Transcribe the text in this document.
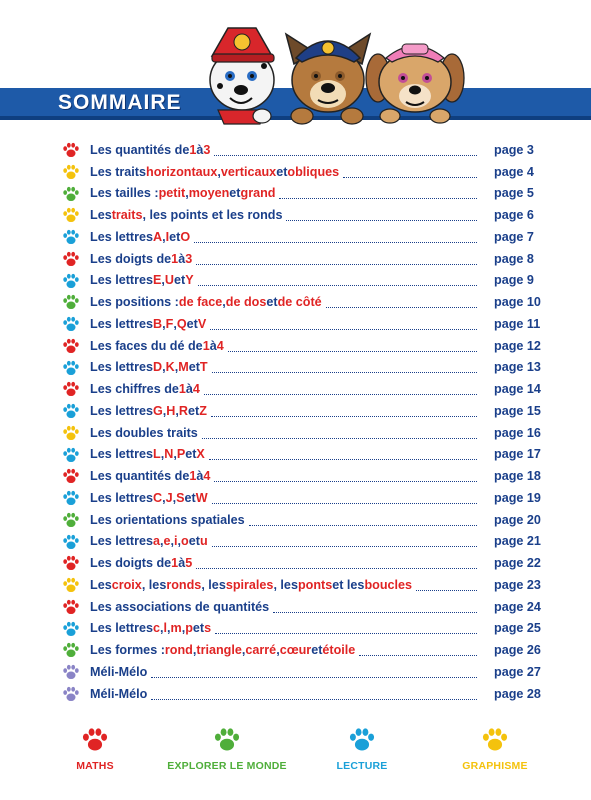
SOMMAIRE
Les quantités de 1 à 3	page 3
Les traits horizontaux , verticaux et obliques	page 4
Les tailles : petit , moyen et grand	page 5
Les traits , les points et les ronds	page 6
Les lettres A , I et O	page 7
Les doigts de 1 à 3	page 8
Les lettres E , U et Y	page 9
Les positions : de face , de dos et de côté	page 10
Les lettres B , F , Q et V	page 11
Les faces du dé de 1 à 4	page 12
Les lettres D , K , M et T	page 13
Les chiffres de 1 à 4	page 14
Les lettres G , H , R et Z	page 15
Les doubles traits	page 16
Les lettres L , N , P et X	page 17
Les quantités de 1 à 4	page 18
Les lettres C , J , S et W	page 19
Les orientations spatiales	page 20
Les lettres a , e , i , o et u	page 21
Les doigts de 1 à 5	page 22
Les croix , les ronds , les spirales , les ponts et les boucles	page 23
Les associations de quantités	page 24
Les lettres c , l , m , p et s	page 25
Les formes : rond , triangle , carré , cœur et étoile	page 26
Méli-Mélo	page 27
Méli-Mélo	page 28
MATHS	EXPLORER LE MONDE	LECTURE	GRAPHISME
